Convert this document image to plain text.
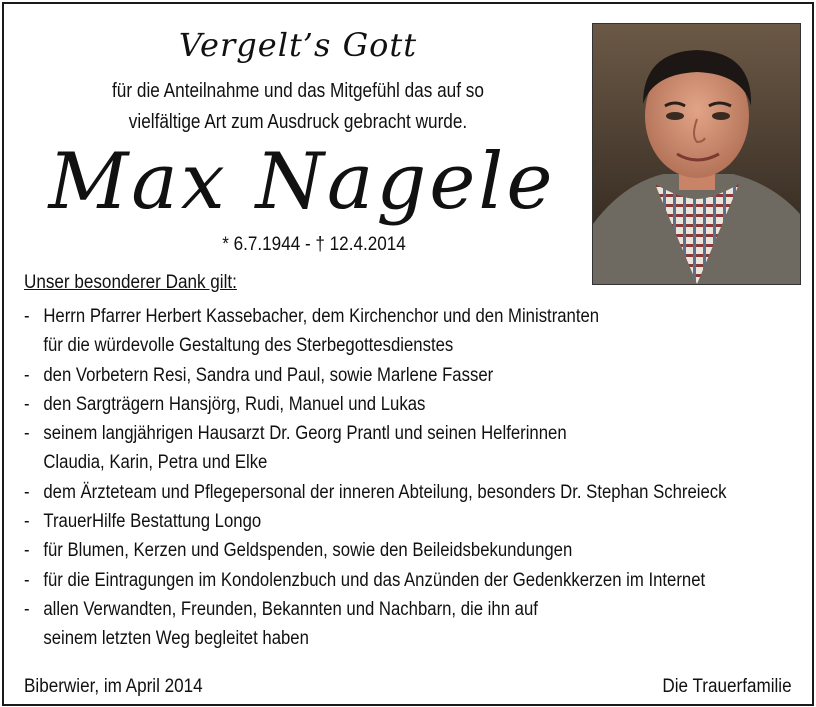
Vergelt’s Gott
für die Anteilnahme und das Mitgefühl das auf so
vielfältige Art zum Ausdruck gebracht wurde.
Max Nagele
* 6.7.1944 - † 12.4.2014
Unser besonderer Dank gilt:
- Herrn Pfarrer Herbert Kassebacher, dem Kirchenchor und den Ministranten
für die würdevolle Gestaltung des Sterbegottesdienstes
- den Vorbetern Resi, Sandra und Paul, sowie Marlene Fasser
- den Sargträgern Hansjörg, Rudi, Manuel und Lukas
- seinem langjährigen Hausarzt Dr. Georg Prantl und seinen Helferinnen
Claudia, Karin, Petra und Elke
- dem Ärzteteam und Pflegepersonal der inneren Abteilung, besonders Dr. Stephan Schreieck
- TrauerHilfe Bestattung Longo
- für Blumen, Kerzen und Geldspenden, sowie den Beileidsbekundungen
- für die Eintragungen im Kondolenzbuch und das Anzünden der Gedenkkerzen im Internet
- allen Verwandten, Freunden, Bekannten und Nachbarn, die ihn auf
seinem letzten Weg begleitet haben
Biberwier, im April 2014	Die Trauerfamilie
